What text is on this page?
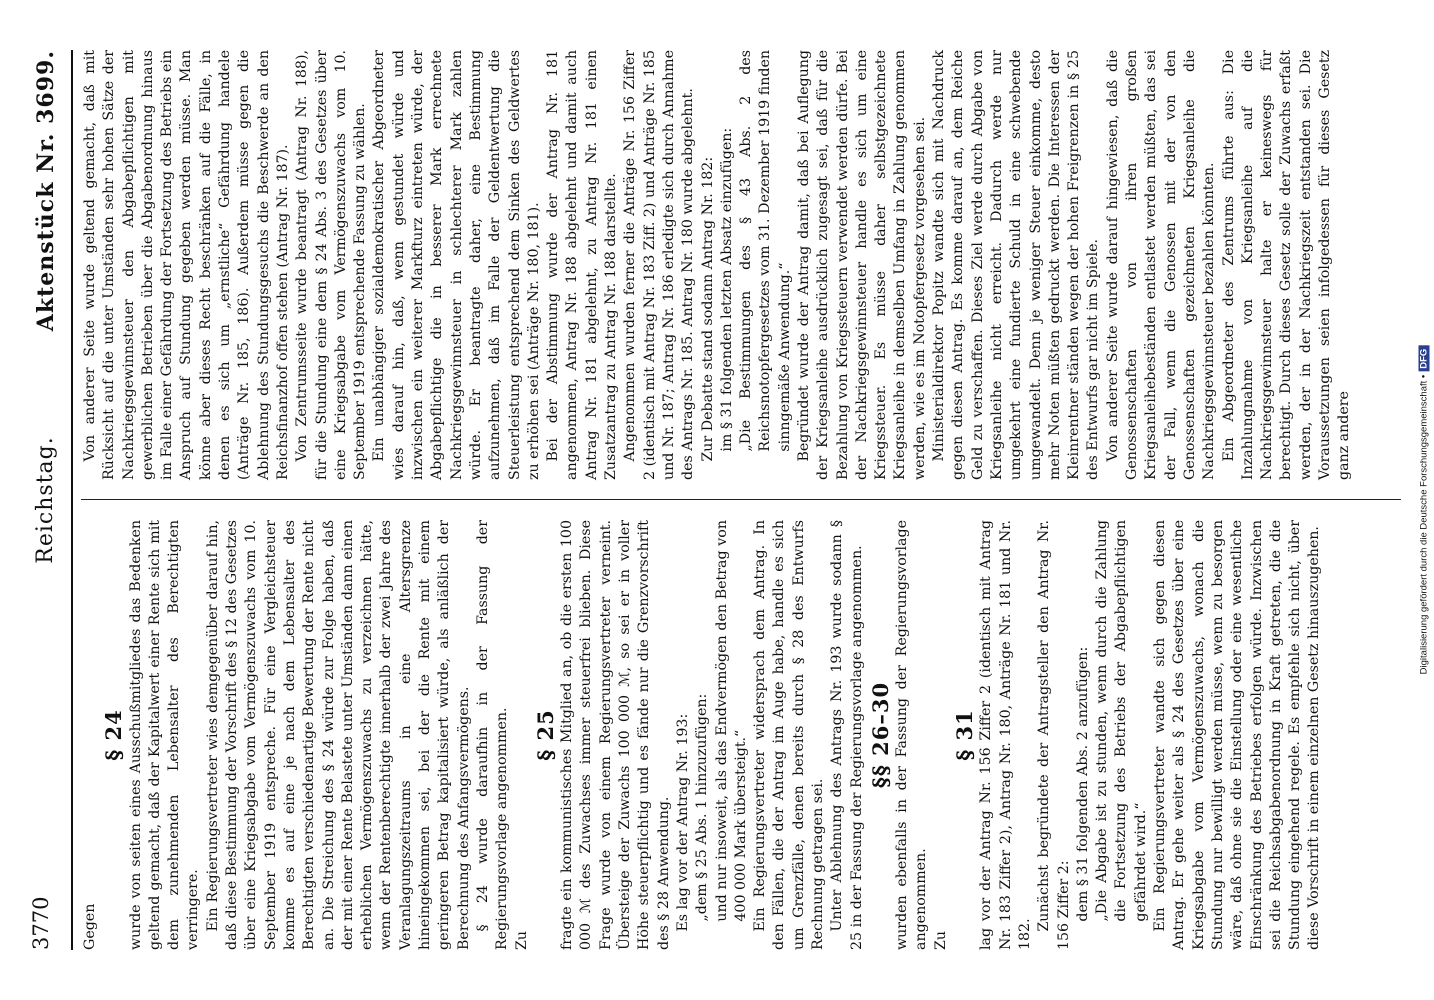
3770
Reichstag.
Aktenstück Nr. 3699.

Gegen

§ 24 wurde von seiten eines Ausschußmitgliedes das Bedenken geltend gemacht, daß der Kapitalwert einer Rente sich mit dem zunehmenden Lebensalter des Berechtigten verringere. Ein Regierungsvertreter wies demgegenüber darauf hin, daß diese Bestimmung der Vorschrift des § 12 des Gesetzes über eine Kriegsabgabe vom Vermögenszuwachs vom 10. September 1919 entspreche. Für eine Vergleichsteuer komme es auf eine je nach dem Lebensalter des Berechtigten verschiedenartige Bewertung der Rente nicht an. Die Streichung des § 24 würde zur Folge haben, daß der mit einer Rente Belastete unter Umständen dann einen erheblichen Vermögenszuwachs zu verzeichnen hätte, wenn der Rentenberechtigte innerhalb der zwei Jahre des Veranlagungszeitraums in eine Altersgrenze hineingekommen sei, bei der die Rente mit einem geringeren Betrag kapitalisiert würde, als anläßlich der Berechnung des Anfangsvermögens. § 24 wurde daraufhin in der Fassung der Regierungsvorlage angenommen. Zu

§ 25 fragte ein kommunistisches Mitglied an, ob die ersten 100 000 ℳ des Zuwachses immer steuerfrei blieben. Diese Frage wurde von einem Regierungsvertreter verneint. Übersteige der Zuwachs 100 000 ℳ, so sei er in voller Höhe steuerpflichtig und es fände nur die Grenzvorschrift des § 28 Anwendung. Es lag vor der Antrag Nr. 193: „dem § 25 Abs. 1 hinzuzufügen: und nur insoweit, als das Endvermögen den Betrag von 400 000 Mark übersteigt.“ Ein Regierungsvertreter widersprach dem Antrag. In den Fällen, die der Antrag im Auge habe, handle es sich um Grenzfälle, denen bereits durch § 28 des Entwurfs Rechnung getragen sei. Unter Ablehnung des Antrags Nr. 193 wurde sodann § 25 in der Fassung der Regierungsvorlage angenommen. §§ 26–30 wurden ebenfalls in der Fassung der Regierungsvorlage angenommen. Zu

§ 31 lag vor der Antrag Nr. 156 Ziffer 2 (identisch mit Antrag Nr. 183 Ziffer 2), Antrag Nr. 180, Anträge Nr. 181 und Nr. 182.

Zunächst begründete der Antragsteller den Antrag Nr. 156 Ziffer 2: dem § 31 folgenden Abs. 2 anzufügen: „Die Abgabe ist zu stunden, wenn durch die Zahlung die Fortsetzung des Betriebs der Abgabepflichtigen gefährdet wird.“ Ein Regierungsvertreter wandte sich gegen diesen Antrag. Er gehe weiter als § 24 des Gesetzes über eine Kriegsabgabe vom Vermögenszuwachs, wonach die Stundung nur bewilligt werden müsse, wenn zu besorgen wäre, daß ohne sie die Einstellung oder eine wesentliche Einschränkung des Betriebes erfolgen würde. Inzwischen sei die Reichsabgabenordnung in Kraft getreten, die die Stundung eingehend regele. Es empfehle sich nicht, über diese Vorschrift in einem einzelnen Gesetz hinauszugehen.

Von anderer Seite wurde geltend gemacht, daß mit Rücksicht auf die unter Umständen sehr hohen Sätze der Nachkriegsgewinnsteuer den Abgabepflichtigen mit gewerblichen Betrieben über die Abgabenordnung hinaus im Falle einer Gefährdung der Fortsetzung des Betriebs ein Anspruch auf Stundung gegeben werden müsse. Man könne aber dieses Recht beschränken auf die Fälle, in denen es sich um „ernstliche“ Gefährdung handele (Anträge Nr. 185, 186). Außerdem müsse gegen die Ablehnung des Stundungsgesuchs die Beschwerde an den Reichsfinanzhof offen stehen (Antrag Nr. 187). Von Zentrumsseite wurde beantragt (Antrag Nr. 188), für die Stundung eine dem § 24 Abs. 3 des Gesetzes über eine Kriegsabgabe vom Vermögenszuwachs vom 10. September 1919 entsprechende Fassung zu wählen. Ein unabhängiger sozialdemokratischer Abgeordneter wies darauf hin, daß, wenn gestundet würde und inzwischen ein weiterer Markfturz eintreten würde, der Abgabepflichtige die in besserer Mark errechnete Nachkriegsgewinnsteuer in schlechterer Mark zahlen würde. Er beantragte daher, eine Bestimmung aufzunehmen, daß im Falle der Geldentwertung die Steuerleistung entsprechend dem Sinken des Geldwertes zu erhöhen sei (Anträge Nr. 180, 181). Bei der Abstimmung wurde der Antrag Nr. 181 angenommen, Antrag Nr. 188 abgelehnt und damit auch Antrag Nr. 181 abgelehnt, zu Antrag Nr. 181 einen Zusatzantrag zu Antrag Nr. 188 darstellte. Angenommen wurden ferner die Anträge Nr. 156 Ziffer 2 (identisch mit Antrag Nr. 183 Ziff. 2) und Anträge Nr. 185 und Nr. 187; Antrag Nr. 186 erledigte sich durch Annahme des Antrags Nr. 185. Antrag Nr. 180 wurde abgelehnt. Zur Debatte stand sodann Antrag Nr. 182: im § 31 folgenden letzten Absatz einzufügen: „Die Bestimmungen des § 43 Abs. 2 des Reichsnotopfergesetzes vom 31. Dezember 1919 finden sinngemäße Anwendung.“ Begründet wurde der Antrag damit, daß bei Auflegung der Kriegsanleihe ausdrücklich zugesagt sei, daß für die Bezahlung von Kriegssteuern verwendet werden dürfe. Bei der Nachkriegsgewinnsteuer handle es sich um eine Kriegssteuer. Es müsse daher selbstgezeichnete Kriegsanleihe in demselben Umfang in Zahlung genommen werden, wie es im Notopfergesetz vorgesehen sei. Ministerialdirektor Popitz wandte sich mit Nachdruck gegen diesen Antrag. Es komme darauf an, dem Reiche Geld zu verschaffen. Dieses Ziel werde durch Abgabe von Kriegsanleihe nicht erreicht. Dadurch werde nur umgekehrt eine fundierte Schuld in eine schwebende umgewandelt. Denn je weniger Steuer einkomme, desto mehr Noten müßten gedruckt werden. Die Interessen der Kleinrentner ständen wegen der hohen Freigrenzen in § 25 des Entwurfs gar nicht im Spiele. Von anderer Seite wurde darauf hingewiesen, daß die Genossenschaften von ihren großen Kriegsanleihebeständen entlastet werden müßten, das sei der Fall, wenn die Genossen mit der von den Genossenschaften gezeichneten Kriegsanleihe die Nachkriegsgewinnsteuer bezahlen könnten. Ein Abgeordneter des Zentrums führte aus: Die Inzahlungnahme von Kriegsanleihe auf die Nachkriegsgewinnsteuer halte er keineswegs für berechtigt. Durch dieses Gesetz solle der Zuwachs erfaßt werden, der in der Nachkriegszeit entstanden sei. Die Voraussetzungen seien infolgedessen für dieses Gesetz ganz andere	Digitalisierung gefördert durch die Deutsche Forschungsgemeinschaft •DFG
